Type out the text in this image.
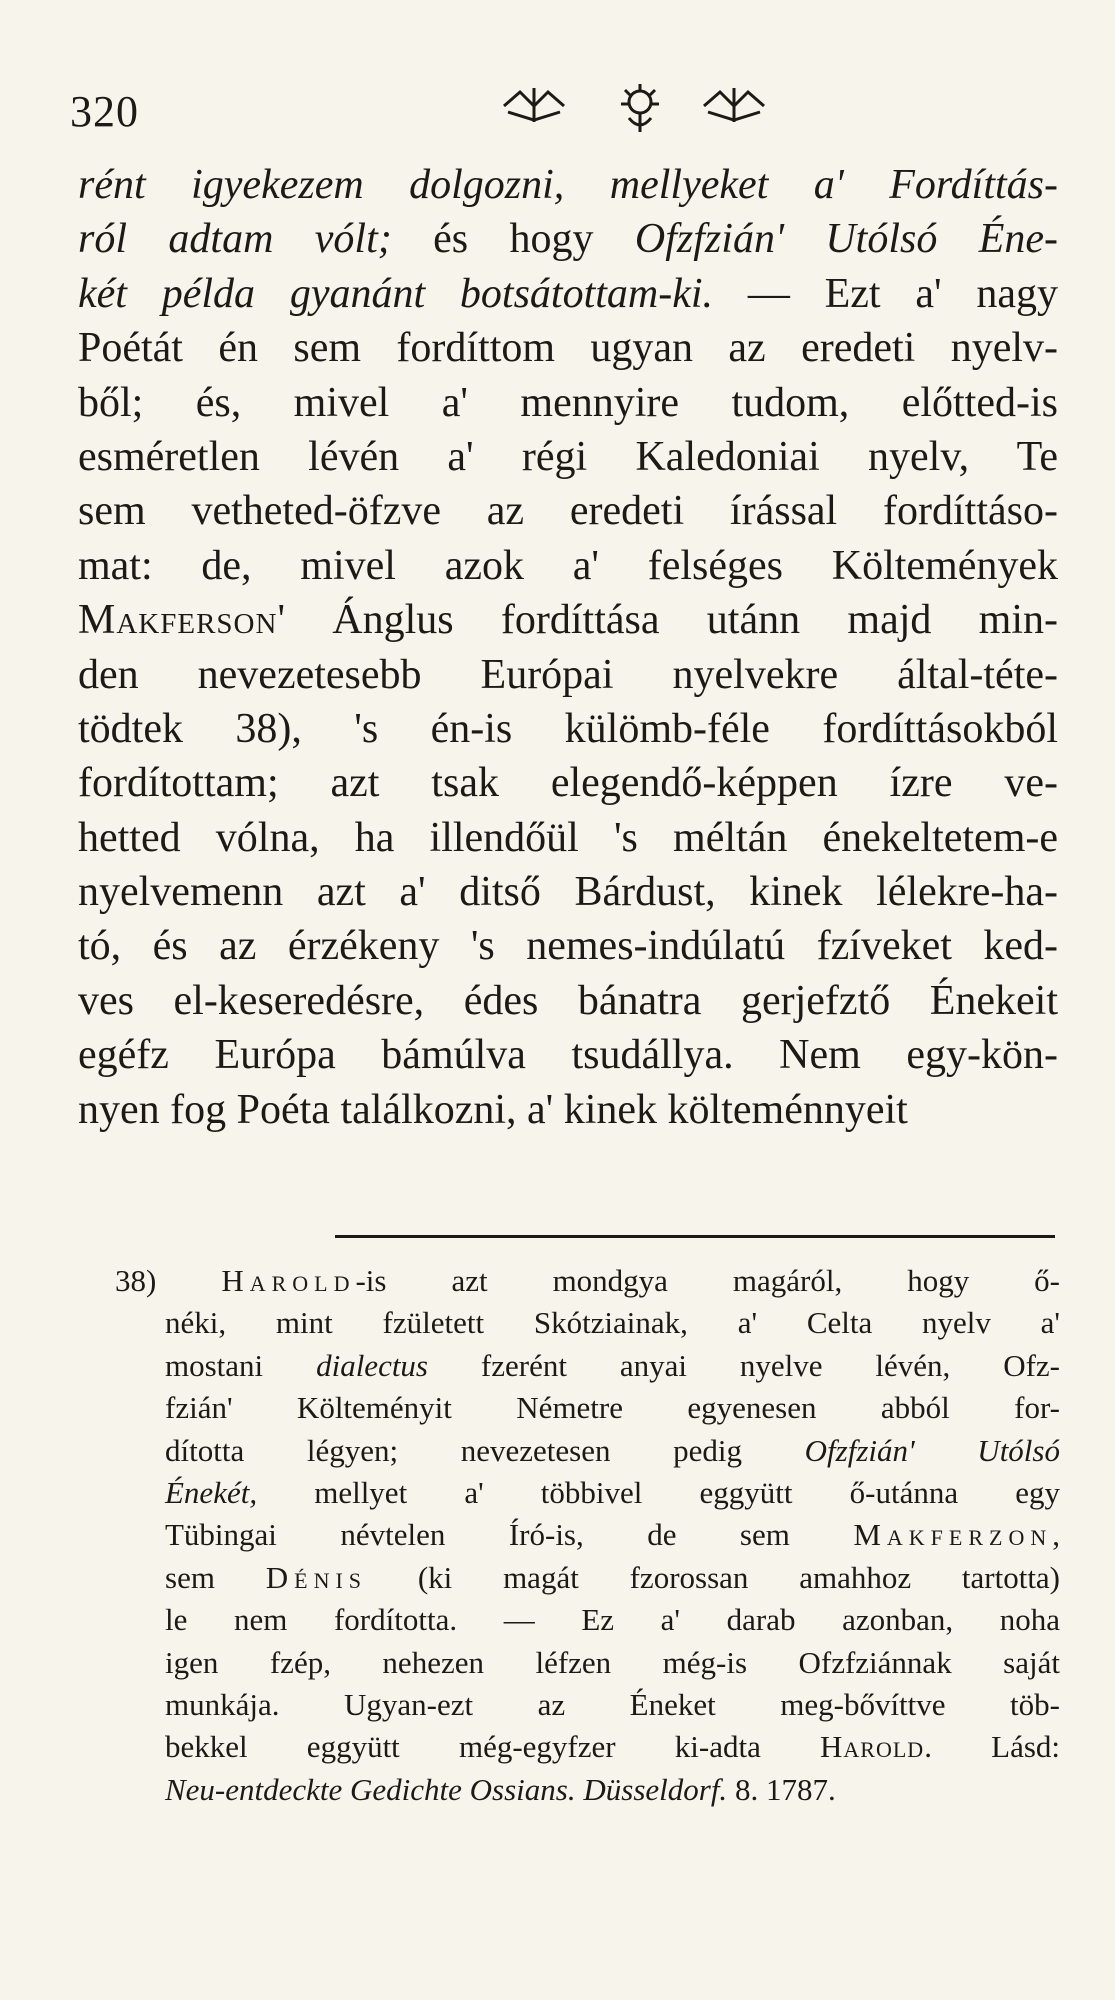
320
rént igyekezem dolgozni, mellyeket a' Fordíttás-
ról adtam vólt; és hogy Ofzfzián' Utólsó Éne-
két példa gyanánt botsátottam-ki. — Ezt a' nagy
Poétát én sem fordíttom ugyan az eredeti nyelv-
ből; és, mivel a' mennyire tudom, előtted-is
esméretlen lévén a' régi Kaledoniai nyelv, Te
sem vetheted-öfzve az eredeti írással fordíttáso-
mat: de, mivel azok a' felséges Költemények
Makferson' Ánglus fordíttása utánn majd min-
den nevezetesebb Európai nyelvekre által-téte-
tödtek 38), 's én-is külömb-féle fordíttásokból
fordítottam; azt tsak elegendő-képpen ízre ve-
hetted vólna, ha illendőül 's méltán énekeltetem-e
nyelvemenn azt a' ditső Bárdust, kinek lélekre-ha-
tó, és az érzékeny 's nemes-indúlatú fzíveket ked-
ves el-keseredésre, édes bánatra gerjefztő Énekeit
egéfz Európa bámúlva tsudállya. Nem egy-kön-
nyen fog Poéta találkozni, a' kinek költeménnyeit
38) Harold-is azt mondgya magáról, hogy ő-
néki, mint fzületett Skótziainak, a' Celta nyelv a'
mostani dialectus fzerént anyai nyelve lévén, Ofz-
fzián' Költeményit Németre egyenesen abból for-
dította légyen; nevezetesen pedig Ofzfzián' Utólsó
Énekét, mellyet a' többivel eggyütt ő-utánna egy
Tübingai névtelen Író-is, de sem Makferzon,
sem Dénis (ki magát fzorossan amahhoz tartotta)
le nem fordította. — Ez a' darab azonban, noha
igen fzép, nehezen léfzen még-is Ofzfziánnak saját
munkája. Ugyan-ezt az Éneket meg-bővíttve töb-
bekkel eggyütt még-egyfzer ki-adta Harold. Lásd:
Neu-entdeckte Gedichte Ossians. Düsseldorf. 8. 1787.
